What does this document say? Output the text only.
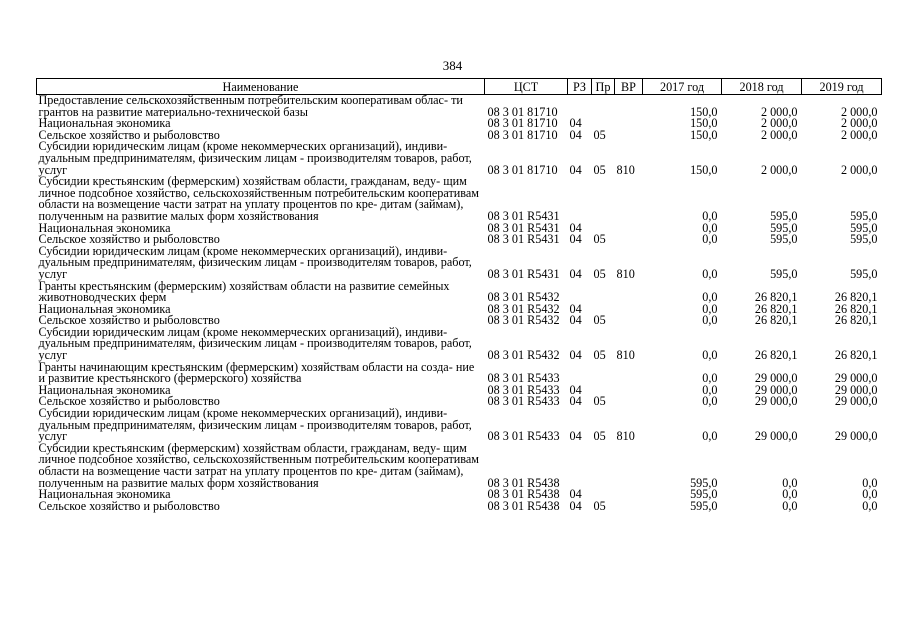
384
Наименование	ЦСТ	РЗ	Пр	ВР	2017 год	2018 год	2019 год
Предоставление сельскохозяйственным потребительским кооперативам облас- ти грантов на развитие материально-технической базы	08 3 01 81710				150,0	2 000,0	2 000,0
Национальная экономика	08 3 01 81710	04			150,0	2 000,0	2 000,0
Сельское хозяйство и рыболовство	08 3 01 81710	04	05		150,0	2 000,0	2 000,0
Субсидии юридическим лицам (кроме некоммерческих организаций), индиви- дуальным предпринимателям, физическим лицам - производителям товаров, работ, услуг	08 3 01 81710	04	05	810	150,0	2 000,0	2 000,0
Субсидии крестьянским (фермерским) хозяйствам области, гражданам, веду- щим личное подсобное хозяйство, сельскохозяйственным потребительским кооперативам области на возмещение части затрат на уплату процентов по кре- дитам (займам), полученным на развитие малых форм хозяйствования	08 3 01 R5431				0,0	595,0	595,0
Национальная экономика	08 3 01 R5431	04			0,0	595,0	595,0
Сельское хозяйство и рыболовство	08 3 01 R5431	04	05		0,0	595,0	595,0
Субсидии юридическим лицам (кроме некоммерческих организаций), индиви- дуальным предпринимателям, физическим лицам - производителям товаров, работ, услуг	08 3 01 R5431	04	05	810	0,0	595,0	595,0
Гранты крестьянским (фермерским) хозяйствам области на развитие семейных животноводческих ферм	08 3 01 R5432				0,0	26 820,1	26 820,1
Национальная экономика	08 3 01 R5432	04			0,0	26 820,1	26 820,1
Сельское хозяйство и рыболовство	08 3 01 R5432	04	05		0,0	26 820,1	26 820,1
Субсидии юридическим лицам (кроме некоммерческих организаций), индиви- дуальным предпринимателям, физическим лицам - производителям товаров, работ, услуг	08 3 01 R5432	04	05	810	0,0	26 820,1	26 820,1
Гранты начинающим крестьянским (фермерским) хозяйствам области на созда- ние и развитие крестьянского (фермерского) хозяйства	08 3 01 R5433				0,0	29 000,0	29 000,0
Национальная экономика	08 3 01 R5433	04			0,0	29 000,0	29 000,0
Сельское хозяйство и рыболовство	08 3 01 R5433	04	05		0,0	29 000,0	29 000,0
Субсидии юридическим лицам (кроме некоммерческих организаций), индиви- дуальным предпринимателям, физическим лицам - производителям товаров, работ, услуг	08 3 01 R5433	04	05	810	0,0	29 000,0	29 000,0
Субсидии крестьянским (фермерским) хозяйствам области, гражданам, веду- щим личное подсобное хозяйство, сельскохозяйственным потребительским кооперативам области на возмещение части затрат на уплату процентов по кре- дитам (займам), полученным на развитие малых форм хозяйствования	08 3 01 R5438				595,0	0,0	0,0
Национальная экономика	08 3 01 R5438	04			595,0	0,0	0,0
Сельское хозяйство и рыболовство	08 3 01 R5438	04	05		595,0	0,0	0,0
